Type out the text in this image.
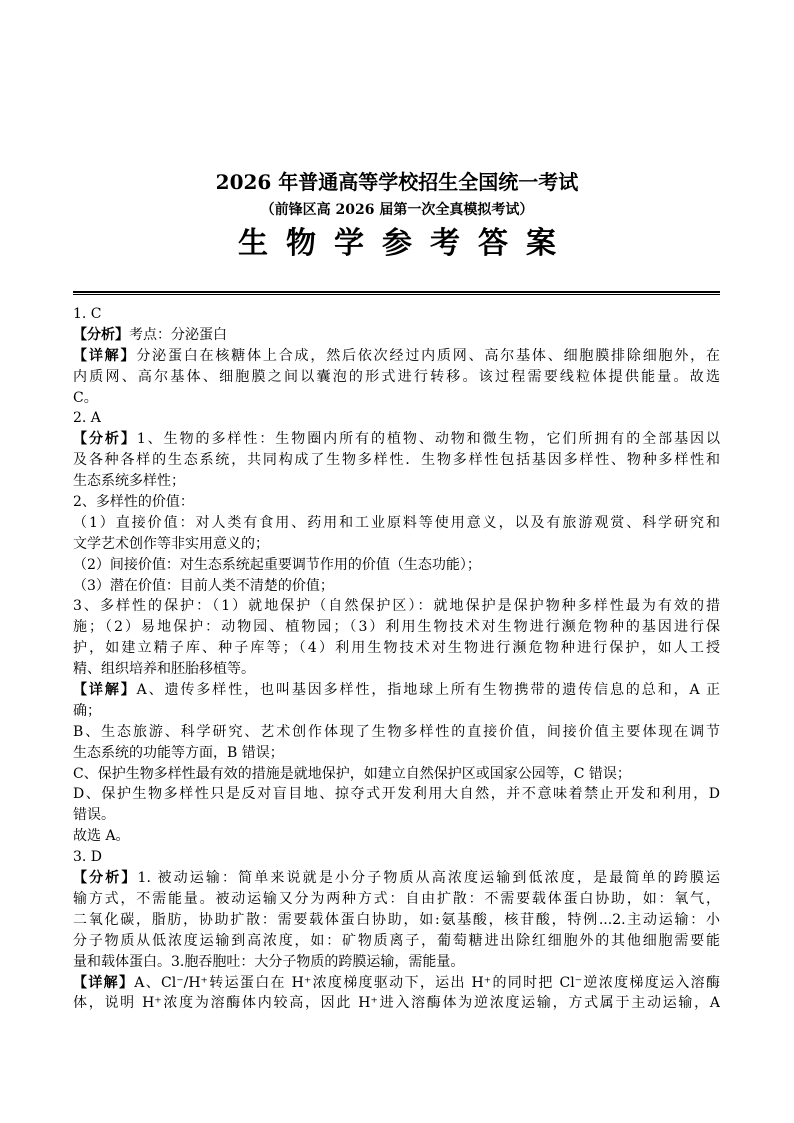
2026 年普通高等学校招生全国统一考试
（前锋区高 2026 届第一次全真模拟考试）
生物学参考答案
1. C
【分析】考点：分泌蛋白
【详解】分泌蛋白在核糖体上合成，然后依次经过内质网、高尔基体、细胞膜排除细胞外，在
内质网、高尔基体、细胞膜之间以囊泡的形式进行转移。该过程需要线粒体提供能量。故选
C。
2. A
【分析】1、生物的多样性：生物圈内所有的植物、动物和微生物，它们所拥有的全部基因以
及各种各样的生态系统，共同构成了生物多样性．生物多样性包括基因多样性、物种多样性和
生态系统多样性；
2、多样性的价值：
（1）直接价值：对人类有食用、药用和工业原料等使用意义，以及有旅游观赏、科学研究和
文学艺术创作等非实用意义的；
（2）间接价值：对生态系统起重要调节作用的价值（生态功能）；
（3）潜在价值：目前人类不清楚的价值；
3、多样性的保护：（1）就地保护（自然保护区）：就地保护是保护物种多样性最为有效的措
施；（2）易地保护：动物园、植物园；（3）利用生物技术对生物进行濒危物种的基因进行保
护，如建立精子库、种子库等；（4）利用生物技术对生物进行濒危物种进行保护，如人工授
精、组织培养和胚胎移植等。
【详解】A、遗传多样性，也叫基因多样性，指地球上所有生物携带的遗传信息的总和，A 正
确；
B、生态旅游、科学研究、艺术创作体现了生物多样性的直接价值，间接价值主要体现在调节
生态系统的功能等方面，B 错误；
C、保护生物多样性最有效的措施是就地保护，如建立自然保护区或国家公园等，C 错误；
D、保护生物多样性只是反对盲目地、掠夺式开发利用大自然，并不意味着禁止开发和利用，D
错误。
故选 A。
3. D
【分析】1. 被动运输：简单来说就是小分子物质从高浓度运输到低浓度，是最简单的跨膜运
输方式，不需能量。被动运输又分为两种方式：自由扩散：不需要载体蛋白协助，如：氧气，
二氧化碳，脂肪，协助扩散：需要载体蛋白协助，如:氨基酸，核苷酸，特例...2.主动运输：小
分子物质从低浓度运输到高浓度，如：矿物质离子，葡萄糖进出除红细胞外的其他细胞需要能
量和载体蛋白。3.胞吞胞吐：大分子物质的跨膜运输，需能量。
【详解】A、Cl⁻/H⁺转运蛋白在 H⁺浓度梯度驱动下，运出 H⁺的同时把 Cl⁻逆浓度梯度运入溶酶
体，说明 H⁺浓度为溶酶体内较高，因此 H⁺进入溶酶体为逆浓度运输，方式属于主动运输，A
